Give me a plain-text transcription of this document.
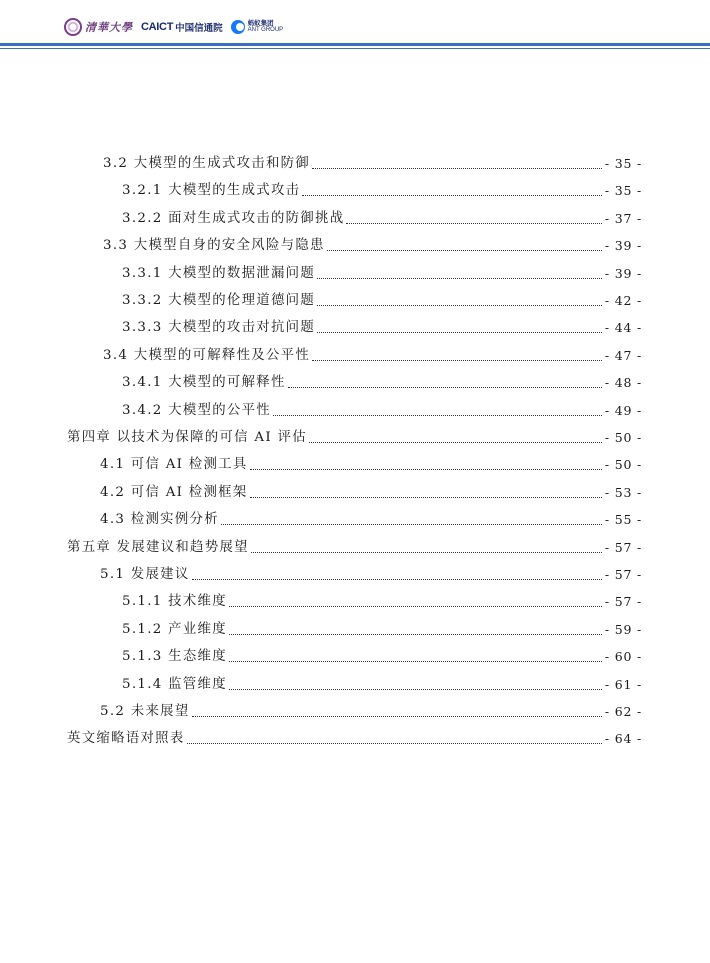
清華大學 CAICT 中国信通院	蚂蚁集团
ANT GROUP
3.2 大模型的生成式攻击和防御	- 35 -
3.2.1 大模型的生成式攻击	- 35 -
3.2.2 面对生成式攻击的防御挑战	- 37 -
3.3 大模型自身的安全风险与隐患	- 39 -
3.3.1 大模型的数据泄漏问题	- 39 -
3.3.2 大模型的伦理道德问题	- 42 -
3.3.3 大模型的攻击对抗问题	- 44 -
3.4 大模型的可解释性及公平性	- 47 -
3.4.1 大模型的可解释性	- 48 -
3.4.2 大模型的公平性	- 49 -
第四章 以技术为保障的可信 AI 评估	- 50 -
4.1 可信 AI 检测工具	- 50 -
4.2 可信 AI 检测框架	- 53 -
4.3 检测实例分析	- 55 -
第五章 发展建议和趋势展望	- 57 -
5.1 发展建议	- 57 -
5.1.1 技术维度	- 57 -
5.1.2 产业维度	- 59 -
5.1.3 生态维度	- 60 -
5.1.4 监管维度	- 61 -
5.2 未来展望	- 62 -
英文缩略语对照表	- 64 -
